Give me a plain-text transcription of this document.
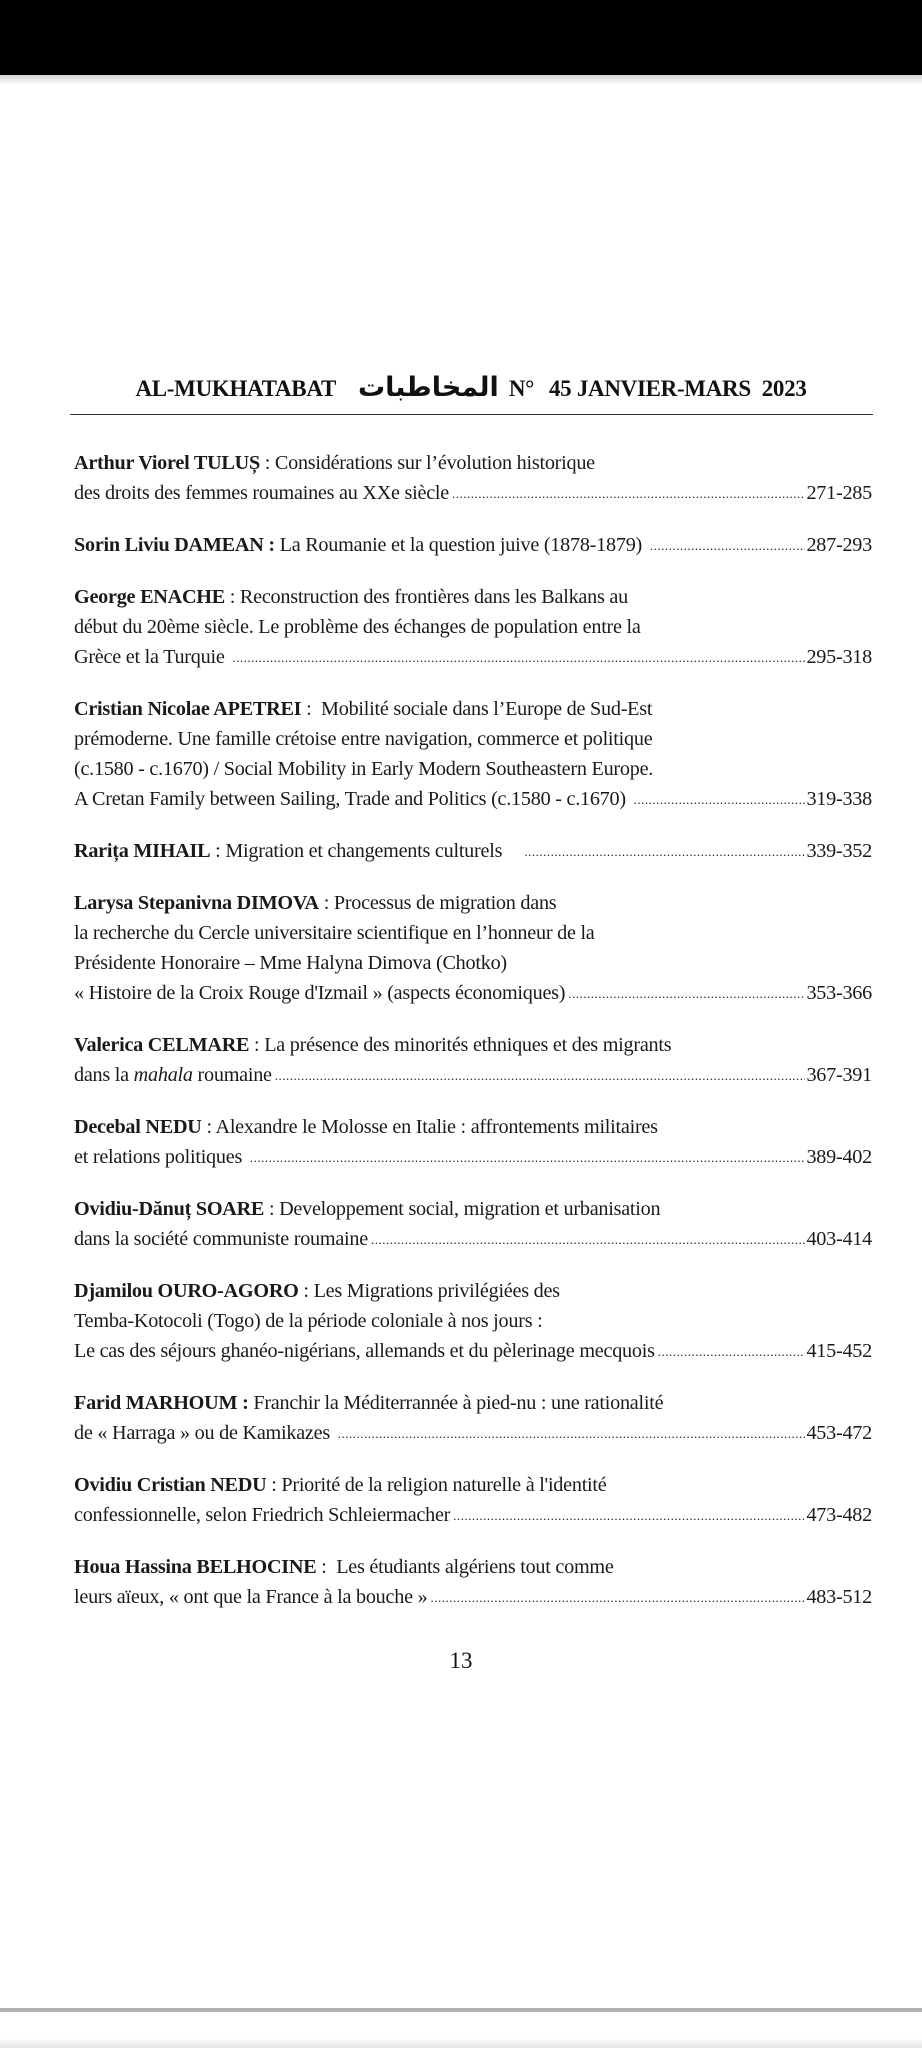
AL-MUKHATABAT المخاطبات N° 45 JANVIER-MARS 2023
Arthur Viorel TULUȘ : Considérations sur l’évolution historique
des droits des femmes roumaines au XXe siècle .....	271-285
Sorin Liviu DAMEAN : La Roumanie et la question juive (1878-1879) .....	287-293
George ENACHE : Reconstruction des frontières dans les Balkans au
début du 20ème siècle. Le problème des échanges de population entre la
Grèce et la Turquie .....	295-318
Cristian Nicolae APETREI :  Mobilité sociale dans l’Europe de Sud-Est
prémoderne. Une famille crétoise entre navigation, commerce et politique
(c.1580 - c.1670) / Social Mobility in Early Modern Southeastern Europe.
A Cretan Family between Sailing, Trade and Politics (c.1580 - c.1670) .....	319-338
Rarița MIHAIL : Migration et changements culturels .....	339-352
Larysa Stepanivna DIMOVA : Processus de migration dans
la recherche du Cercle universitaire scientifique en l’honneur de la
Présidente Honoraire – Mme Halyna Dimova (Chotko)
« Histoire de la Croix Rouge d'Izmail » (aspects économiques) .....	353-366
Valerica CELMARE : La présence des minorités ethniques et des migrants
dans la mahala roumaine .....	367-391
Decebal NEDU : Alexandre le Molosse en Italie : affrontements militaires
et relations politiques .....	389-402
Ovidiu-Dănuț SOARE : Developpement social, migration et urbanisation
dans la société communiste roumaine .....	403-414
Djamilou OURO-AGORO : Les Migrations privilégiées des
Temba-Kotocoli (Togo) de la période coloniale à nos jours :
Le cas des séjours ghanéo-nigérians, allemands et du pèlerinage mecquois .....	415-452
Farid MARHOUM : Franchir la Méditerrannée à pied-nu : une rationalité
de « Harraga » ou de Kamikazes .....	453-472
Ovidiu Cristian NEDU : Priorité de la religion naturelle à l'identité
confessionnelle, selon Friedrich Schleiermacher .....	473-482
Houa Hassina BELHOCINE :  Les étudiants algériens tout comme
leurs aïeux, « ont que la France à la bouche » .....	483-512
13
